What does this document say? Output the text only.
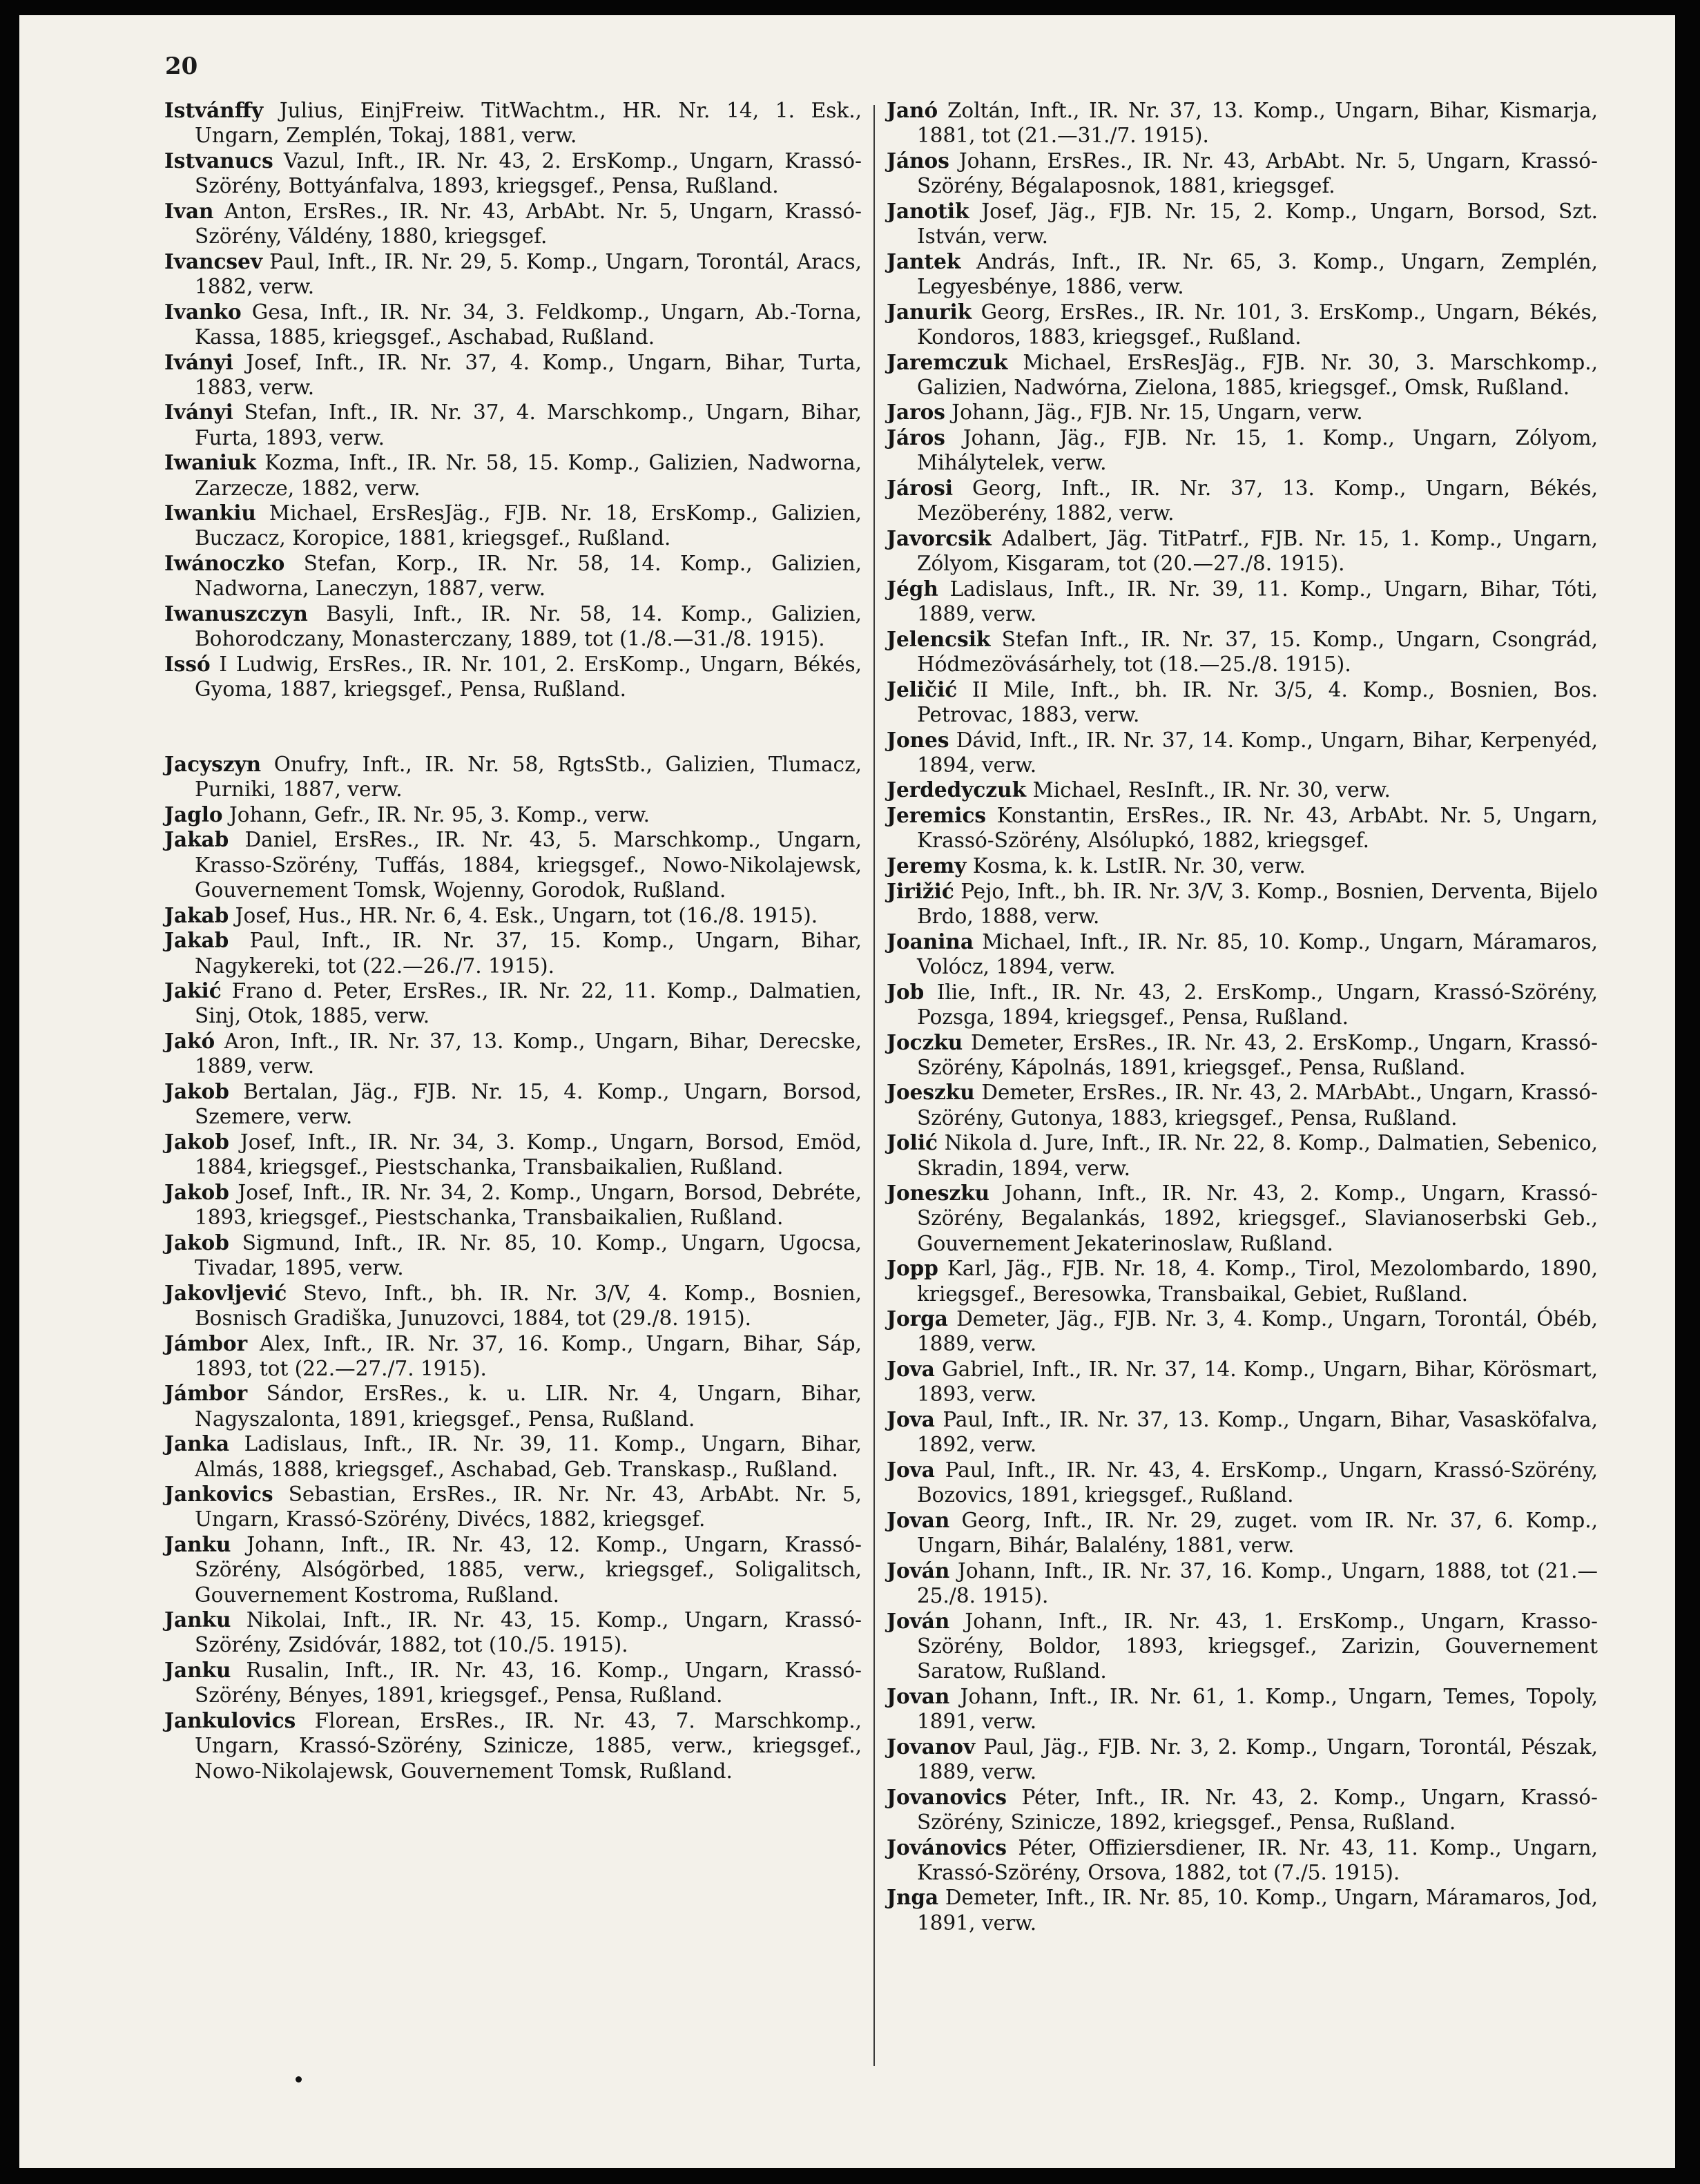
20

Istvánffy Julius, EinjFreiw. TitWachtm., HR. Nr. 14, 1. Esk., Ungarn, Zemplén, Tokaj, 1881, verw.

Istvanucs Vazul, Inft., IR. Nr. 43, 2. ErsKomp., Ungarn, Krassó-Szörény, Bottyánfalva, 1893, kriegsgef., Pensa, Rußland.

Ivan Anton, ErsRes., IR. Nr. 43, ArbAbt. Nr. 5, Ungarn, Krassó-Szörény, Váldény, 1880, kriegsgef.

Ivancsev Paul, Inft., IR. Nr. 29, 5. Komp., Ungarn, Torontál, Aracs, 1882, verw.

Ivanko Gesa, Inft., IR. Nr. 34, 3. Feldkomp., Ungarn, Ab.-Torna, Kassa, 1885, kriegsgef., Aschabad, Rußland.

Iványi Josef, Inft., IR. Nr. 37, 4. Komp., Ungarn, Bihar, Turta, 1883, verw.

Iványi Stefan, Inft., IR. Nr. 37, 4. Marschkomp., Ungarn, Bihar, Furta, 1893, verw.

Iwaniuk Kozma, Inft., IR. Nr. 58, 15. Komp., Galizien, Nadworna, Zarzecze, 1882, verw.

Iwankiu Michael, ErsResJäg., FJB. Nr. 18, ErsKomp., Galizien, Buczacz, Koropice, 1881, kriegsgef., Rußland.

Iwánoczko Stefan, Korp., IR. Nr. 58, 14. Komp., Galizien, Nadworna, Laneczyn, 1887, verw.

Iwanuszczyn Basyli, Inft., IR. Nr. 58, 14. Komp., Galizien, Bohorodczany, Monasterczany, 1889, tot (1./8.—31./8. 1915).

Issó I Ludwig, ErsRes., IR. Nr. 101, 2. ErsKomp., Ungarn, Békés, Gyoma, 1887, kriegsgef., Pensa, Rußland.

Jacyszyn Onufry, Inft., IR. Nr. 58, RgtsStb., Galizien, Tlumacz, Purniki, 1887, verw.

Jaglo Johann, Gefr., IR. Nr. 95, 3. Komp., verw.

Jakab Daniel, ErsRes., IR. Nr. 43, 5. Marschkomp., Ungarn, Krasso-Szörény, Tuffás, 1884, kriegsgef., Nowo-Nikolajewsk, Gouvernement Tomsk, Wojenny, Gorodok, Rußland.

Jakab Josef, Hus., HR. Nr. 6, 4. Esk., Ungarn, tot (16./8. 1915).

Jakab Paul, Inft., IR. Nr. 37, 15. Komp., Ungarn, Bihar, Nagykereki, tot (22.—26./7. 1915).

Jakić Frano d. Peter, ErsRes., IR. Nr. 22, 11. Komp., Dalmatien, Sinj, Otok, 1885, verw.

Jakó Aron, Inft., IR. Nr. 37, 13. Komp., Ungarn, Bihar, Derecske, 1889, verw.

Jakob Bertalan, Jäg., FJB. Nr. 15, 4. Komp., Ungarn, Borsod, Szemere, verw.

Jakob Josef, Inft., IR. Nr. 34, 3. Komp., Ungarn, Borsod, Emöd, 1884, kriegsgef., Piestschanka, Transbaikalien, Rußland.

Jakob Josef, Inft., IR. Nr. 34, 2. Komp., Ungarn, Borsod, Debréte, 1893, kriegsgef., Piestschanka, Transbaikalien, Rußland.

Jakob Sigmund, Inft., IR. Nr. 85, 10. Komp., Ungarn, Ugocsa, Tivadar, 1895, verw.

Jakovljević Stevo, Inft., bh. IR. Nr. 3/V, 4. Komp., Bosnien, Bosnisch Gradiška, Junuzovci, 1884, tot (29./8. 1915).

Jámbor Alex, Inft., IR. Nr. 37, 16. Komp., Ungarn, Bihar, Sáp, 1893, tot (22.—27./7. 1915).

Jámbor Sándor, ErsRes., k. u. LIR. Nr. 4, Ungarn, Bihar, Nagyszalonta, 1891, kriegsgef., Pensa, Rußland.

Janka Ladislaus, Inft., IR. Nr. 39, 11. Komp., Ungarn, Bihar, Almás, 1888, kriegsgef., Aschabad, Geb. Transkasp., Rußland.

Jankovics Sebastian, ErsRes., IR. Nr. Nr. 43, ArbAbt. Nr. 5, Ungarn, Krassó-Szörény, Divécs, 1882, kriegsgef.

Janku Johann, Inft., IR. Nr. 43, 12. Komp., Ungarn, Krassó-Szörény, Alsógörbed, 1885, verw., kriegsgef., Soligalitsch, Gouvernement Kostroma, Rußland.

Janku Nikolai, Inft., IR. Nr. 43, 15. Komp., Ungarn, Krassó-Szörény, Zsidóvár, 1882, tot (10./5. 1915).

Janku Rusalin, Inft., IR. Nr. 43, 16. Komp., Ungarn, Krassó-Szörény, Bényes, 1891, kriegsgef., Pensa, Rußland.

Jankulovics Florean, ErsRes., IR. Nr. 43, 7. Marschkomp., Ungarn, Krassó-Szörény, Szinicze, 1885, verw., kriegsgef., Nowo-Nikolajewsk, Gouvernement Tomsk, Rußland.

Janó Zoltán, Inft., IR. Nr. 37, 13. Komp., Ungarn, Bihar, Kismarja, 1881, tot (21.—31./7. 1915).

János Johann, ErsRes., IR. Nr. 43, ArbAbt. Nr. 5, Ungarn, Krassó-Szörény, Bégalaposnok, 1881, kriegsgef.

Janotik Josef, Jäg., FJB. Nr. 15, 2. Komp., Ungarn, Borsod, Szt. István, verw.

Jantek András, Inft., IR. Nr. 65, 3. Komp., Ungarn, Zemplén, Legyesbénye, 1886, verw.

Janurik Georg, ErsRes., IR. Nr. 101, 3. ErsKomp., Ungarn, Békés, Kondoros, 1883, kriegsgef., Rußland.

Jaremczuk Michael, ErsResJäg., FJB. Nr. 30, 3. Marschkomp., Galizien, Nadwórna, Zielona, 1885, kriegsgef., Omsk, Rußland.

Jaros Johann, Jäg., FJB. Nr. 15, Ungarn, verw.

Járos Johann, Jäg., FJB. Nr. 15, 1. Komp., Ungarn, Zólyom, Mihálytelek, verw.

Járosi Georg, Inft., IR. Nr. 37, 13. Komp., Ungarn, Békés, Mezöberény, 1882, verw.

Javorcsik Adalbert, Jäg. TitPatrf., FJB. Nr. 15, 1. Komp., Ungarn, Zólyom, Kisgaram, tot (20.—27./8. 1915).

Jégh Ladislaus, Inft., IR. Nr. 39, 11. Komp., Ungarn, Bihar, Tóti, 1889, verw.

Jelencsik Stefan Inft., IR. Nr. 37, 15. Komp., Ungarn, Csongrád, Hódmezövásárhely, tot (18.—25./8. 1915).

Jeličić II Mile, Inft., bh. IR. Nr. 3/5, 4. Komp., Bosnien, Bos. Petrovac, 1883, verw.

Jones Dávid, Inft., IR. Nr. 37, 14. Komp., Ungarn, Bihar, Kerpenyéd, 1894, verw.

Jerdedyczuk Michael, ResInft., IR. Nr. 30, verw.

Jeremics Konstantin, ErsRes., IR. Nr. 43, ArbAbt. Nr. 5, Ungarn, Krassó-Szörény, Alsólupkó, 1882, kriegsgef.

Jeremy Kosma, k. k. LstIR. Nr. 30, verw.

Jirižić Pejo, Inft., bh. IR. Nr. 3/V, 3. Komp., Bosnien, Derventa, Bijelo Brdo, 1888, verw.

Joanina Michael, Inft., IR. Nr. 85, 10. Komp., Ungarn, Máramaros, Volócz, 1894, verw.

Job Ilie, Inft., IR. Nr. 43, 2. ErsKomp., Ungarn, Krassó-Szörény, Pozsga, 1894, kriegsgef., Pensa, Rußland.

Joczku Demeter, ErsRes., IR. Nr. 43, 2. ErsKomp., Ungarn, Krassó-Szörény, Kápolnás, 1891, kriegsgef., Pensa, Rußland.

Joeszku Demeter, ErsRes., IR. Nr. 43, 2. MArbAbt., Ungarn, Krassó-Szörény, Gutonya, 1883, kriegsgef., Pensa, Rußland.

Jolić Nikola d. Jure, Inft., IR. Nr. 22, 8. Komp., Dalmatien, Sebenico, Skradin, 1894, verw.

Joneszku Johann, Inft., IR. Nr. 43, 2. Komp., Ungarn, Krassó-Szörény, Begalankás, 1892, kriegsgef., Slavianoserbski Geb., Gouvernement Jekaterinoslaw, Rußland.

Jopp Karl, Jäg., FJB. Nr. 18, 4. Komp., Tirol, Mezolombardo, 1890, kriegsgef., Beresowka, Transbaikal, Gebiet, Rußland.

Jorga Demeter, Jäg., FJB. Nr. 3, 4. Komp., Ungarn, Torontál, Óbéb, 1889, verw.

Jova Gabriel, Inft., IR. Nr. 37, 14. Komp., Ungarn, Bihar, Körösmart, 1893, verw.

Jova Paul, Inft., IR. Nr. 37, 13. Komp., Ungarn, Bihar, Vasasköfalva, 1892, verw.

Jova Paul, Inft., IR. Nr. 43, 4. ErsKomp., Ungarn, Krassó-Szörény, Bozovics, 1891, kriegsgef., Rußland.

Jovan Georg, Inft., IR. Nr. 29, zuget. vom IR. Nr. 37, 6. Komp., Ungarn, Bihár, Balalény, 1881, verw.

Jován Johann, Inft., IR. Nr. 37, 16. Komp., Ungarn, 1888, tot (21.—25./8. 1915).

Jován Johann, Inft., IR. Nr. 43, 1. ErsKomp., Ungarn, Krasso-Szörény, Boldor, 1893, kriegsgef., Zarizin, Gouvernement Saratow, Rußland.

Jovan Johann, Inft., IR. Nr. 61, 1. Komp., Ungarn, Temes, Topoly, 1891, verw.

Jovanov Paul, Jäg., FJB. Nr. 3, 2. Komp., Ungarn, Torontál, Pészak, 1889, verw.

Jovanovics Péter, Inft., IR. Nr. 43, 2. Komp., Ungarn, Krassó-Szörény, Szinicze, 1892, kriegsgef., Pensa, Rußland.

Jovánovics Péter, Offiziersdiener, IR. Nr. 43, 11. Komp., Ungarn, Krassó-Szörény, Orsova, 1882, tot (7./5. 1915).

Jnga Demeter, Inft., IR. Nr. 85, 10. Komp., Ungarn, Máramaros, Jod, 1891, verw.
